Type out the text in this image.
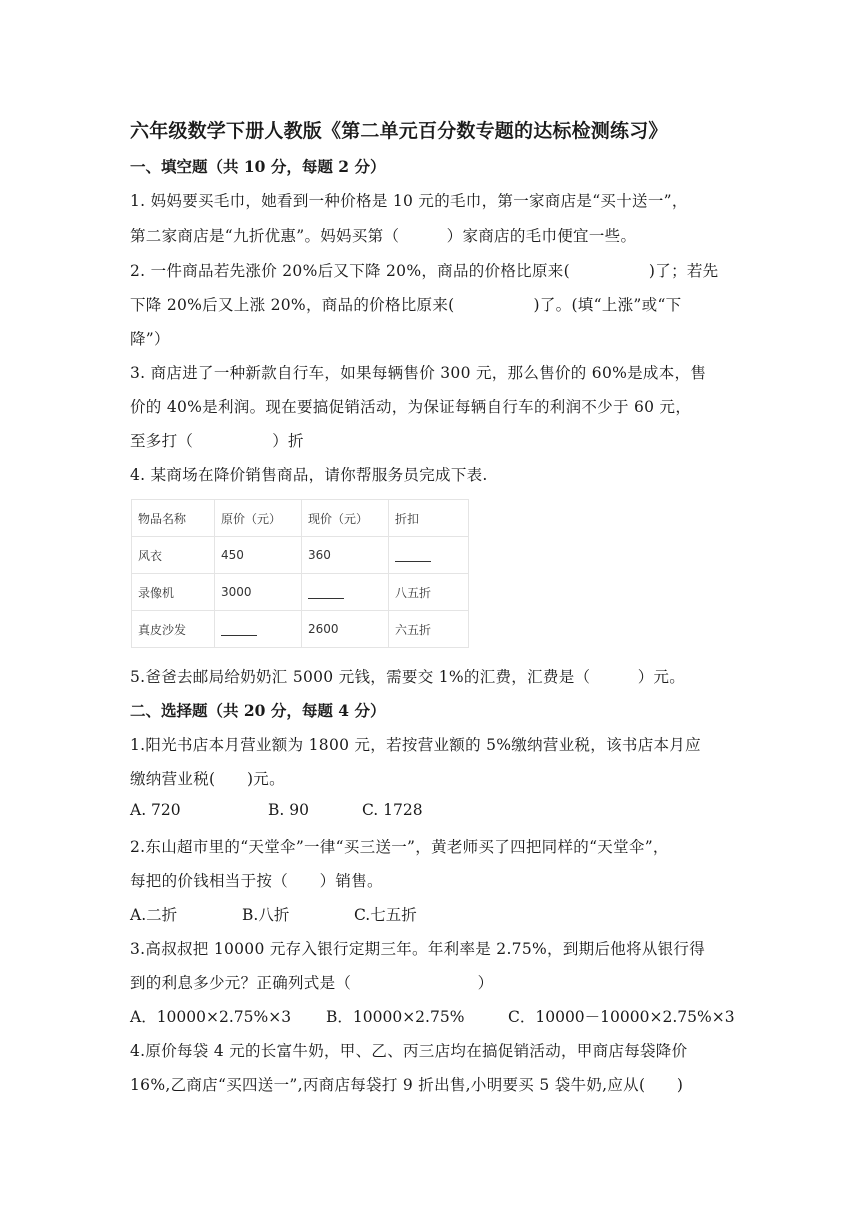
六年级数学下册人教版《第二单元百分数专题的达标检测练习》
一、填空题（共 10 分，每题 2 分）
1. 妈妈要买毛巾，她看到一种价格是 10 元的毛巾，第一家商店是“买十送一”，
第二家商店是“九折优惠”。妈妈买第（　　　）家商店的毛巾便宜一些。
2. 一件商品若先涨价 20%后又下降 20%，商品的价格比原来(　　　　　)了；若先
下降 20%后又上涨 20%，商品的价格比原来(　　　　　)了。(填“上涨”或“下
降”）
3. 商店进了一种新款自行车，如果每辆售价 300 元，那么售价的 60%是成本，售
价的 40%是利润。现在要搞促销活动，为保证每辆自行车的利润不少于 60 元，
至多打（　　　　　）折
4. 某商场在降价销售商品，请你帮服务员完成下表.
物品名称	原价（元）	现价（元）	折扣
风衣	450	360	
录像机	3000		八五折
真皮沙发		2600	六五折
5.爸爸去邮局给奶奶汇 5000 元钱，需要交 1%的汇费，汇费是（　　　）元。
二、选择题（共 20 分，每题 4 分）
1.阳光书店本月营业额为 1800 元，若按营业额的 5%缴纳营业税，该书店本月应
缴纳营业税(　　)元。
A. 720	B. 90	C. 1728
2.东山超市里的“天堂伞”一律“买三送一”，黄老师买了四把同样的“天堂伞”，
每把的价钱相当于按（　　）销售。
A.二折	B.八折	C.七五折
3.高叔叔把 10000 元存入银行定期三年。年利率是 2.75%，到期后他将从银行得
到的利息多少元？正确列式是（　　　　　　　　）
A．10000×2.75%×3 B．10000×2.75%	C．10000－10000×2.75%×3
4.原价每袋 4 元的长富牛奶，甲、乙、丙三店均在搞促销活动，甲商店每袋降价
16%,乙商店“买四送一”,丙商店每袋打 9 折出售,小明要买 5 袋牛奶,应从(　　)
